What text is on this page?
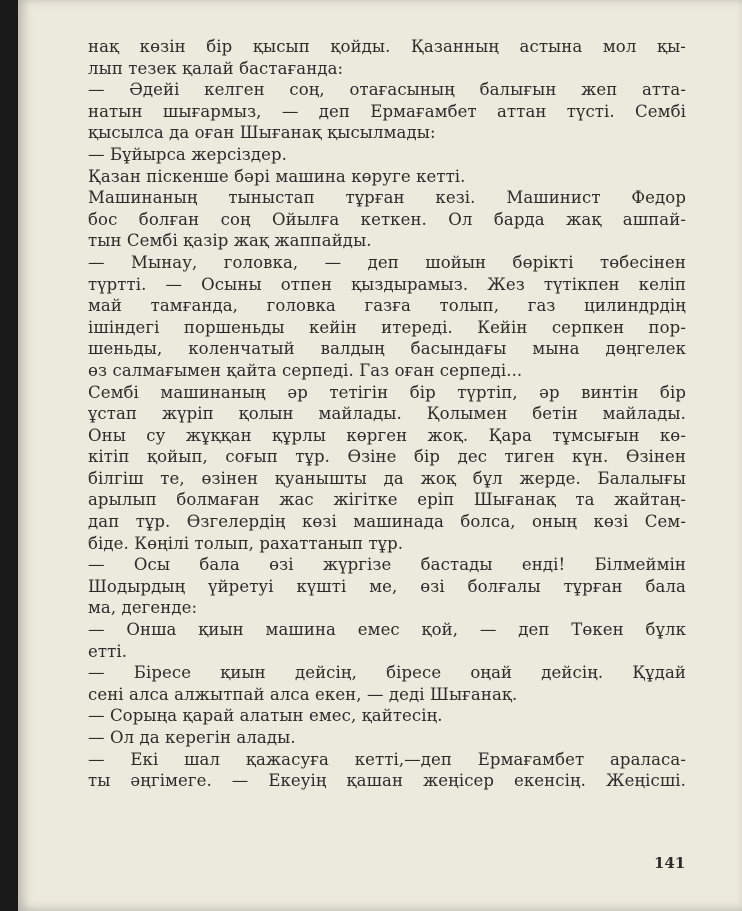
нақ көзін бір қысып қойды. Қазанның астына мол қы-
лып тезек қалай бастағанда:
— Әдейі келген соң, отағасының балығын жеп атта-
натын шығармыз, — деп Ермағамбет аттан түсті. Сембі
қысылса да оған Шығанақ қысылмады:
— Бұйырса жерсіздер.
Қазан піскенше бәрі машина көруге кетті.
Машинаның тыныстап тұрған кезі. Машинист Федор
бос болған соң Ойылға кеткен. Ол барда жақ ашпай-
тын Сембі қазір жақ жаппайды.
— Мынау, головка, — деп шойын бөрікті төбесінен
түртті. — Осыны отпен қыздырамыз. Жез түтікпен келіп
май тамғанда, головка газға толып, газ цилиндрдің
ішіндегі поршеньды кейін итереді. Кейін серпкен пор-
шеньды, коленчатый валдың басындағы мына дөңгелек
өз салмағымен қайта серпеді. Газ оған серпеді...
Сембі машинаның әр тетігін бір түртіп, әр винтін бір
ұстап жүріп қолын майлады. Қолымен бетін майлады.
Оны су жұққан құрлы көрген жоқ. Қара тұмсығын кө-
кітіп қойып, соғып тұр. Өзіне бір дес тиген күн. Өзінен
білгіш те, өзінен қуанышты да жоқ бұл жерде. Балалығы
арылып болмаған жас жігітке еріп Шығанақ та жайтаң-
дап тұр. Өзгелердің көзі машинада болса, оның көзі Сем-
біде. Көңілі толып, рахаттанып тұр.
— Осы бала өзі жүргізе бастады енді! Білмеймін
Шодырдың үйретуі күшті ме, өзі болғалы тұрған бала
ма, дегенде:
— Онша қиын машина емес қой, — деп Төкен бұлк
етті.
— Біресе қиын дейсің, біресе оңай дейсің. Құдай
сені алса алжытпай алса екен, — деді Шығанақ.
— Сорыңа қарай алатын емес, қайтесің.
— Ол да керегін алады.
— Екі шал қажасуға кетті,—деп Ермағамбет араласа-
ты әңгімеге. — Екеуің қашан жеңісер екенсің. Жеңісші.
141
